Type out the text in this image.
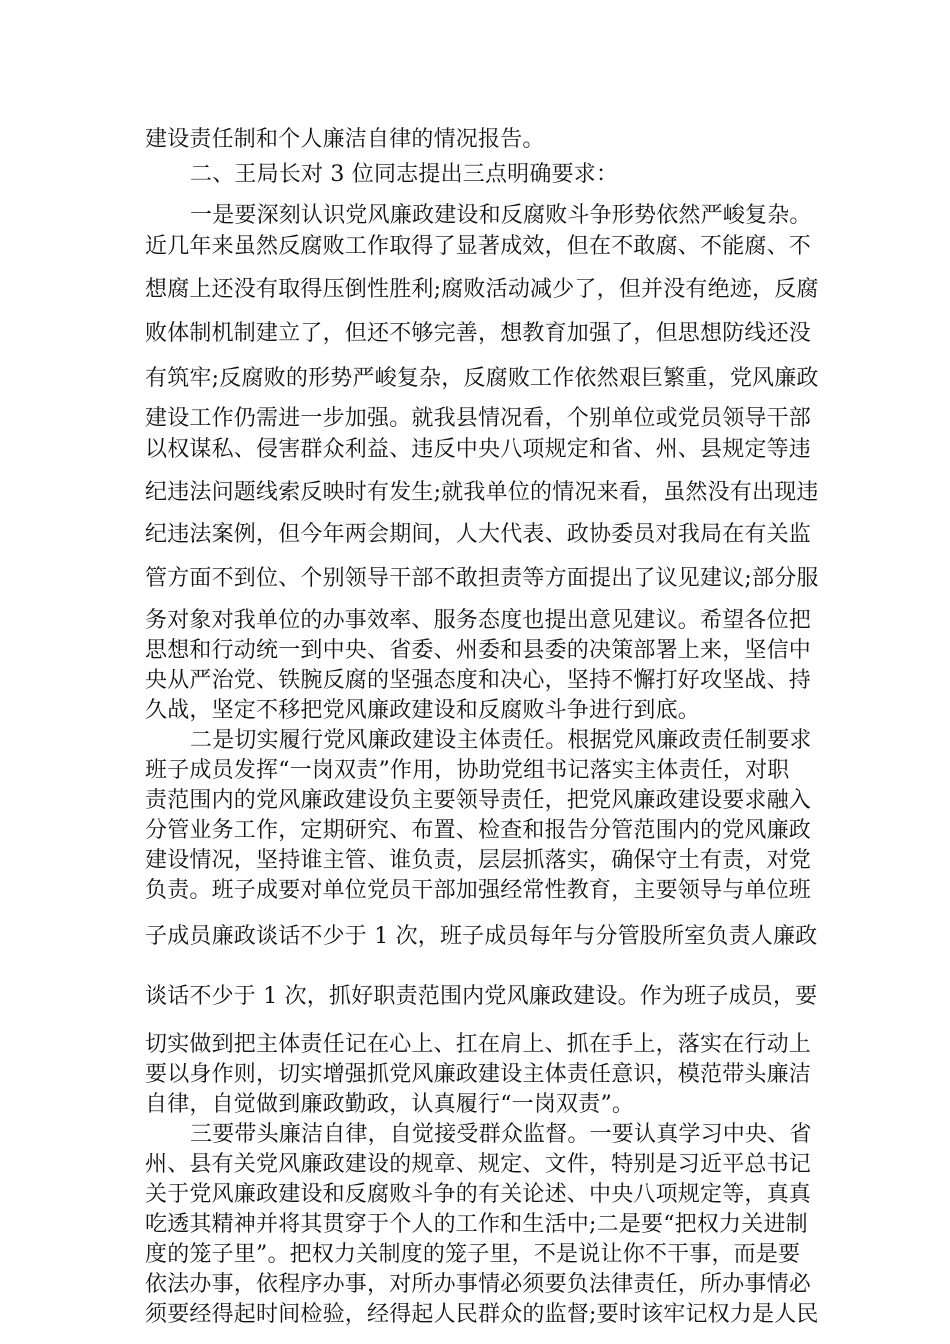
建设责任制和个人廉洁自律的情况报告。
二、王局长对 3 位同志提出三点明确要求：
一是要深刻认识党风廉政建设和反腐败斗争形势依然严峻复杂。
近几年来虽然反腐败工作取得了显著成效，但在不敢腐、不能腐、不
想腐上还没有取得压倒性胜利;腐败活动减少了，但并没有绝迹，反腐
败体制机制建立了，但还不够完善，想教育加强了，但思想防线还没
有筑牢;反腐败的形势严峻复杂，反腐败工作依然艰巨繁重，党风廉政
建设工作仍需进一步加强。就我县情况看，个别单位或党员领导干部
以权谋私、侵害群众利益、违反中央八项规定和省、州、县规定等违
纪违法问题线索反映时有发生;就我单位的情况来看，虽然没有出现违
纪违法案例，但今年两会期间，人大代表、政协委员对我局在有关监
管方面不到位、个别领导干部不敢担责等方面提出了议见建议;部分服
务对象对我单位的办事效率、服务态度也提出意见建议。希望各位把
思想和行动统一到中央、省委、州委和县委的决策部署上来，坚信中
央从严治党、铁腕反腐的坚强态度和决心，坚持不懈打好攻坚战、持
久战，坚定不移把党风廉政建设和反腐败斗争进行到底。
二是切实履行党风廉政建设主体责任。根据党风廉政责任制要求
班子成员发挥“一岗双责”作用，协助党组书记落实主体责任，对职
责范围内的党风廉政建设负主要领导责任，把党风廉政建设要求融入
分管业务工作，定期研究、布置、检查和报告分管范围内的党风廉政
建设情况，坚持谁主管、谁负责，层层抓落实，确保守土有责，对党
负责。班子成要对单位党员干部加强经常性教育，主要领导与单位班
子成员廉政谈话不少于 1 次，班子成员每年与分管股所室负责人廉政
谈话不少于 1 次，抓好职责范围内党风廉政建设。作为班子成员，要
切实做到把主体责任记在心上、扛在肩上、抓在手上，落实在行动上
要以身作则，切实增强抓党风廉政建设主体责任意识，模范带头廉洁
自律，自觉做到廉政勤政，认真履行“一岗双责”。
三要带头廉洁自律，自觉接受群众监督。一要认真学习中央、省
州、县有关党风廉政建设的规章、规定、文件，特别是习近平总书记
关于党风廉政建设和反腐败斗争的有关论述、中央八项规定等，真真
吃透其精神并将其贯穿于个人的工作和生活中;二是要“把权力关进制
度的笼子里”。把权力关制度的笼子里，不是说让你不干事，而是要
依法办事，依程序办事，对所办事情必须要负法律责任，所办事情必
须要经得起时间检验，经得起人民群众的监督;要时该牢记权力是人民
